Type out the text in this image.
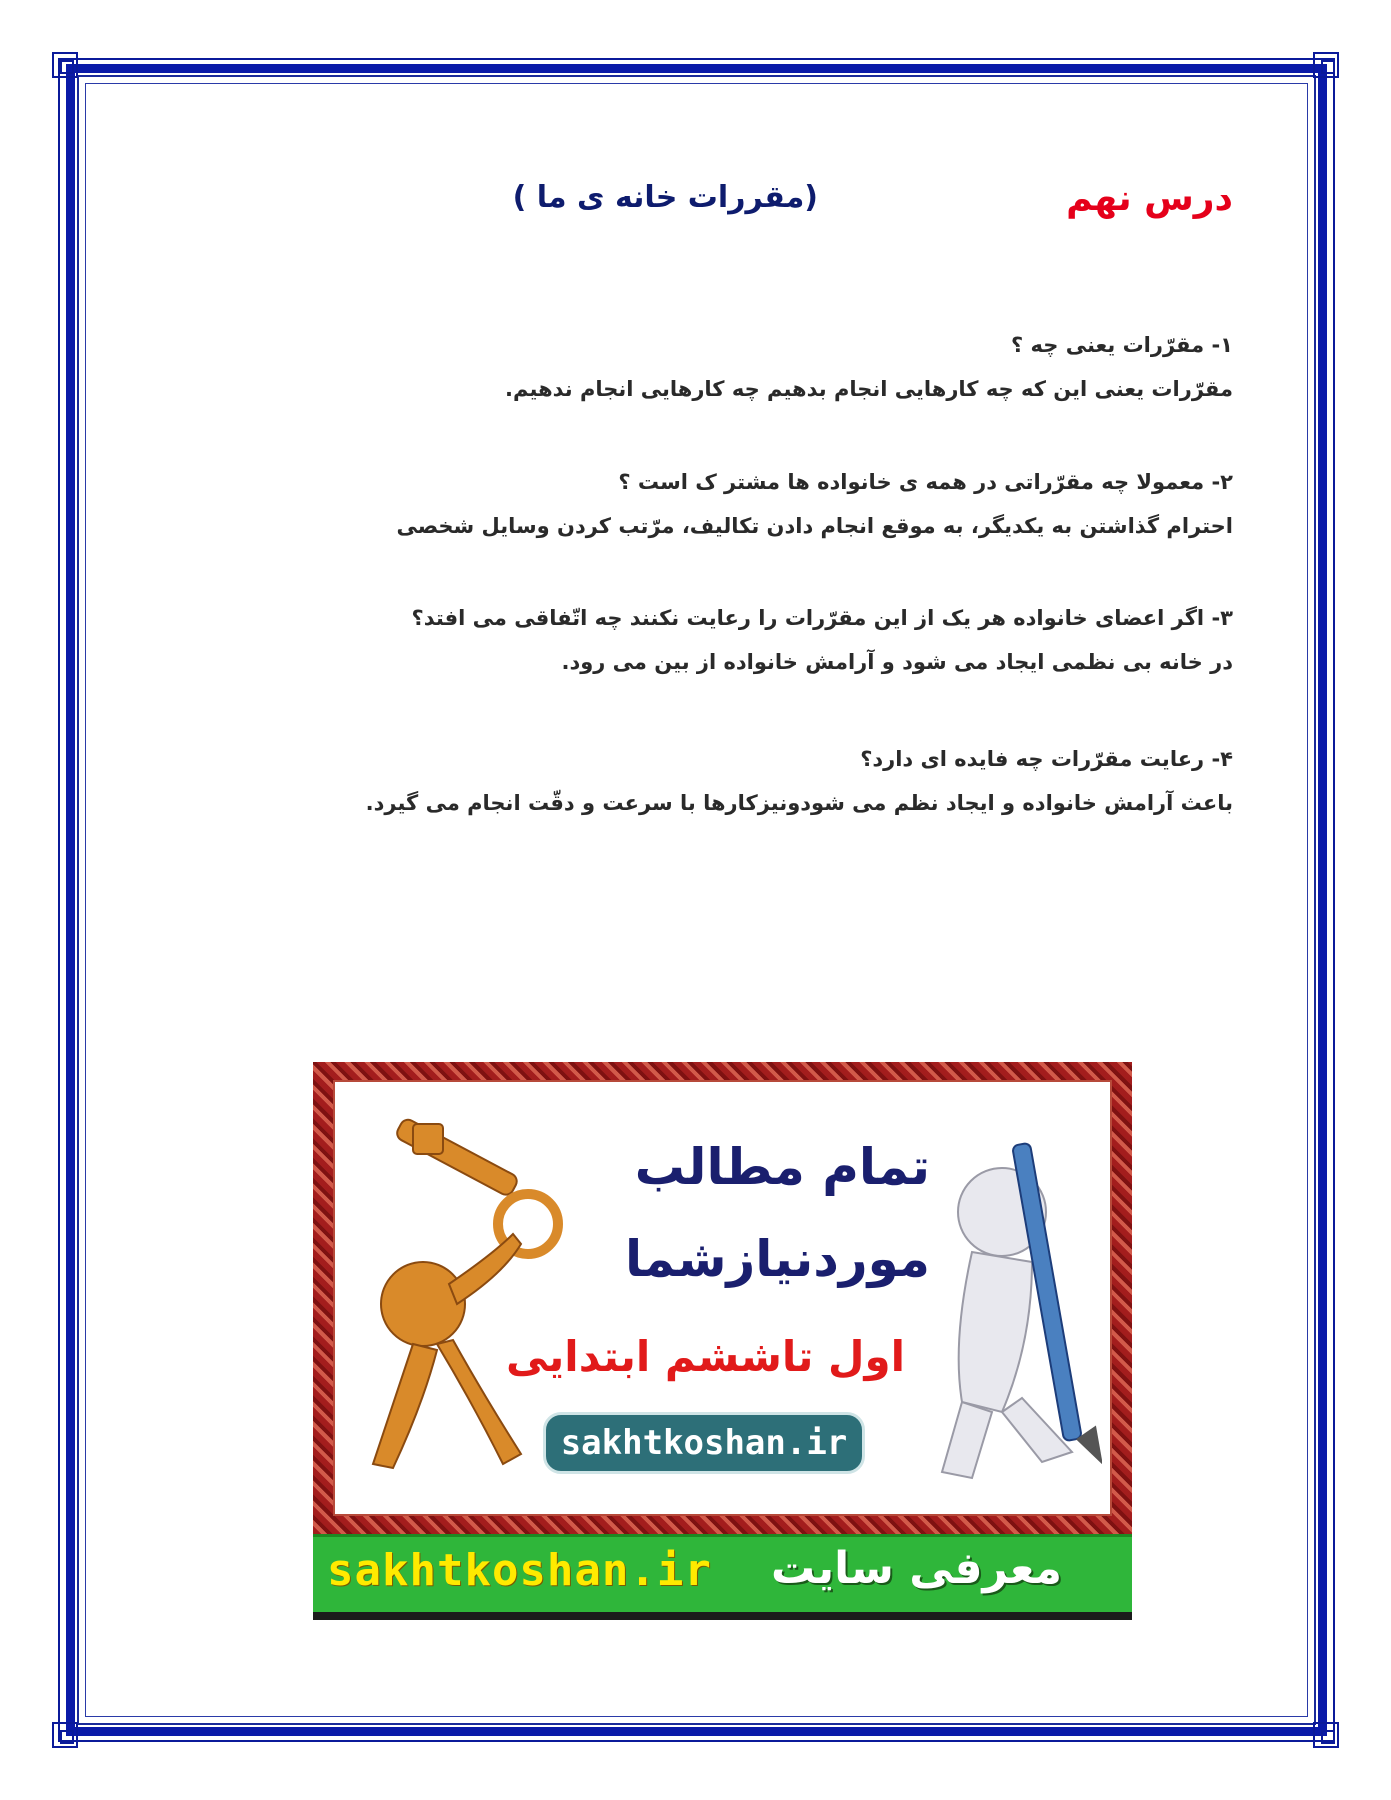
درس نهم
(مقررات خانه ی ما )
۱- مقرّرات یعنی چه ؟
مقرّرات یعنی این که چه کارهایی انجام بدهیم چه کارهایی انجام ندهیم.
۲- معمولا چه مقرّراتی در همه ی خانواده ها مشتر ک است ؟
احترام گذاشتن به یکدیگر، به موقع انجام دادن تکالیف، مرّتب کردن وسایل شخصی
۳- اگر اعضای خانواده هر یک از این مقرّرات را رعایت نکنند چه اتّفاقی می افتد؟
در خانه بی نظمی ایجاد می شود و آرامش خانواده از بین می رود.
۴- رعایت مقرّرات چه فایده ای دارد؟
باعث آرامش خانواده و ایجاد نظم می شودونیزکارها با سرعت و دقّت انجام می گیرد.
تمام مطالب
موردنیازشما
اول تاششم ابتدایی
sakhtkoshan.ir
sakhtkoshan.ir معرفی سایت
